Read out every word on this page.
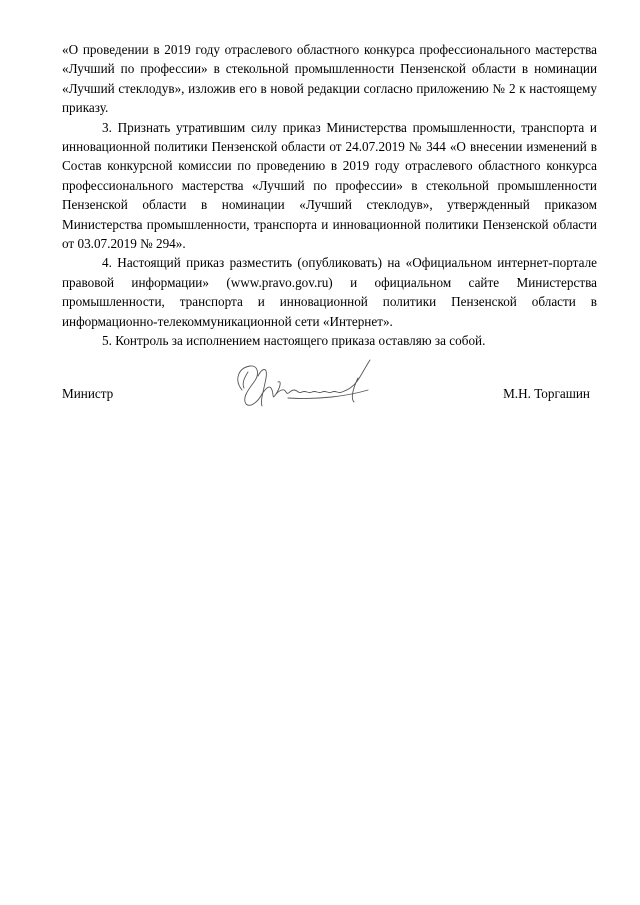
«О проведении в 2019 году отраслевого областного конкурса профессионального мастерства «Лучший по профессии» в стекольной промышленности Пензенской области в номинации «Лучший стеклодув», изложив его в новой редакции согласно приложению № 2 к настоящему приказу.

3. Признать утратившим силу приказ Министерства промышленности, транспорта и инновационной политики Пензенской области от 24.07.2019 № 344 «О внесении изменений в Состав конкурсной комиссии по проведению в 2019 году отраслевого областного конкурса профессионального мастерства «Лучший по профессии» в стекольной промышленности Пензенской области в номинации «Лучший стеклодув», утвержденный приказом Министерства промышленности, транспорта и инновационной политики Пензенской области от 03.07.2019 № 294».

4. Настоящий приказ разместить (опубликовать) на «Официальном интернет-портале правовой информации» (www.pravo.gov.ru) и официальном сайте Министерства промышленности, транспорта и инновационной политики Пензенской области в информационно-телекоммуникационной сети «Интернет».

5. Контроль за исполнением настоящего приказа оставляю за собой.

Министр	М.Н. Торгашин
